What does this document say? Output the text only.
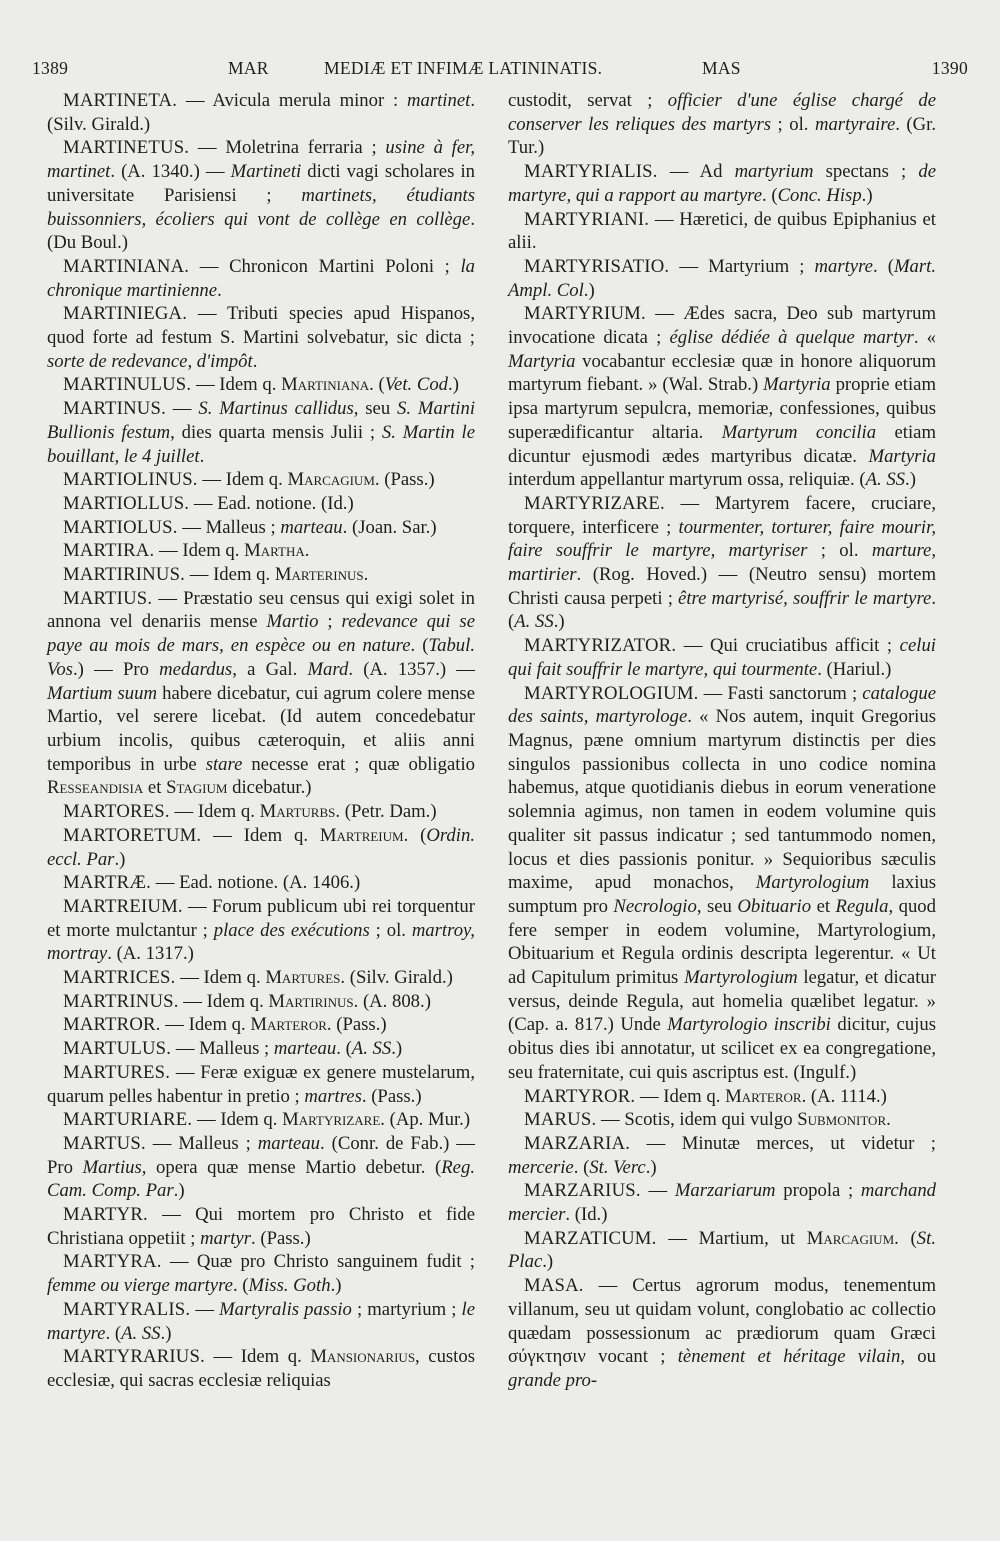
1389	MAR	MEDIÆ ET INFIMÆ LATININATIS.	MAS	1390

MARTINETA. — Avicula merula minor : martinet. (Silv. Girald.)

MARTINETUS. — Moletrina ferraria ; usine à fer, martinet. (A. 1340.) — Martineti dicti vagi scholares in universitate Parisiensi ; martinets, étudiants buissonniers, écoliers qui vont de collège en collège. (Du Boul.)

MARTINIANA. — Chronicon Martini Poloni ; la chronique martinienne.

MARTINIEGA. — Tributi species apud Hispanos, quod forte ad festum S. Martini solvebatur, sic dicta ; sorte de redevance, d'impôt.

MARTINULUS. — Idem q. Martiniana. (Vet. Cod.)

MARTINUS. — S. Martinus callidus, seu S. Martini Bullionis festum, dies quarta mensis Julii ; S. Martin le bouillant, le 4 juillet.

MARTIOLINUS. — Idem q. Marcagium. (Pass.)

MARTIOLLUS. — Ead. notione. (Id.)

MARTIOLUS. — Malleus ; marteau. (Joan. Sar.)

MARTIRA. — Idem q. Martha.

MARTIRINUS. — Idem q. Marterinus.

MARTIUS. — Præstatio seu census qui exigi solet in annona vel denariis mense Martio ; redevance qui se paye au mois de mars, en espèce ou en nature. (Tabul. Vos.) — Pro medardus, a Gal. Mard. (A. 1357.) — Martium suum habere dicebatur, cui agrum colere mense Martio, vel serere licebat. (Id autem concedebatur urbium incolis, quibus cæteroquin, et aliis anni temporibus in urbe stare necesse erat ; quæ obligatio Resseandisia et Stagium dicebatur.)

MARTORES. — Idem q. Marturbs. (Petr. Dam.)

MARTORETUM. — Idem q. Martreium. (Ordin. eccl. Par.)

MARTRÆ. — Ead. notione. (A. 1406.)

MARTREIUM. — Forum publicum ubi rei torquentur et morte mulctantur ; place des exécutions ; ol. martroy, mortray. (A. 1317.)

MARTRICES. — Idem q. Martures. (Silv. Girald.)

MARTRINUS. — Idem q. Martirinus. (A. 808.)

MARTROR. — Idem q. Marteror. (Pass.)

MARTULUS. — Malleus ; marteau. (A. SS.)

MARTURES. — Feræ exiguæ ex genere mustelarum, quarum pelles habentur in pretio ; martres. (Pass.)

MARTURIARE. — Idem q. Martyrizare. (Ap. Mur.)

MARTUS. — Malleus ; marteau. (Conr. de Fab.) — Pro Martius, opera quæ mense Martio debetur. (Reg. Cam. Comp. Par.)

MARTYR. — Qui mortem pro Christo et fide Christiana oppetiit ; martyr. (Pass.)

MARTYRA. — Quæ pro Christo sanguinem fudit ; femme ou vierge martyre. (Miss. Goth.)

MARTYRALIS. — Martyralis passio ; martyrium ; le martyre. (A. SS.)

MARTYRARIUS. — Idem q. Mansionarius, custos ecclesiæ, qui sacras ecclesiæ reliquias

custodit, servat ; officier d'une église chargé de conserver les reliques des martyrs ; ol. martyraire. (Gr. Tur.)

MARTYRIALIS. — Ad martyrium spectans ; de martyre, qui a rapport au martyre. (Conc. Hisp.)

MARTYRIANI. — Hæretici, de quibus Epiphanius et alii.

MARTYRISATIO. — Martyrium ; martyre. (Mart. Ampl. Col.)

MARTYRIUM. — Ædes sacra, Deo sub martyrum invocatione dicata ; église dédiée à quelque martyr. « Martyria vocabantur ecclesiæ quæ in honore aliquorum martyrum fiebant. » (Wal. Strab.) Martyria proprie etiam ipsa martyrum sepulcra, memoriæ, confessiones, quibus superædificantur altaria. Martyrum concilia etiam dicuntur ejusmodi ædes martyribus dicatæ. Martyria interdum appellantur martyrum ossa, reliquiæ. (A. SS.)

MARTYRIZARE. — Martyrem facere, cruciare, torquere, interficere ; tourmenter, torturer, faire mourir, faire souffrir le martyre, martyriser ; ol. marture, martirier. (Rog. Hoved.) — (Neutro sensu) mortem Christi causa perpeti ; être martyrisé, souffrir le martyre. (A. SS.)

MARTYRIZATOR. — Qui cruciatibus afficit ; celui qui fait souffrir le martyre, qui tourmente. (Hariul.)

MARTYROLOGIUM. — Fasti sanctorum ; catalogue des saints, martyrologe. « Nos autem, inquit Gregorius Magnus, pæne omnium martyrum distinctis per dies singulos passionibus collecta in uno codice nomina habemus, atque quotidianis diebus in eorum veneratione solemnia agimus, non tamen in eodem volumine quis qualiter sit passus indicatur ; sed tantummodo nomen, locus et dies passionis ponitur. » Sequioribus sæculis maxime, apud monachos, Martyrologium laxius sumptum pro Necrologio, seu Obituario et Regula, quod fere semper in eodem volumine, Martyrologium, Obituarium et Regula ordinis descripta legerentur. « Ut ad Capitulum primitus Martyrologium legatur, et dicatur versus, deinde Regula, aut homelia quælibet legatur. » (Cap. a. 817.) Unde Martyrologio inscribi dicitur, cujus obitus dies ibi annotatur, ut scilicet ex ea congregatione, seu fraternitate, cui quis ascriptus est. (Ingulf.)

MARTYROR. — Idem q. Marteror. (A. 1114.)

MARUS. — Scotis, idem qui vulgo Submonitor.

MARZARIA. — Minutæ merces, ut videtur ; mercerie. (St. Verc.)

MARZARIUS. — Marzariarum propola ; marchand mercier. (Id.)

MARZATICUM. — Martium, ut Marcagium. (St. Plac.)

MASA. — Certus agrorum modus, tenementum villanum, seu ut quidam volunt, conglobatio ac collectio quædam possessionum ac prædiorum quam Græci σύγκτησιν vocant ; tènement et héritage vilain, ou grande pro-
